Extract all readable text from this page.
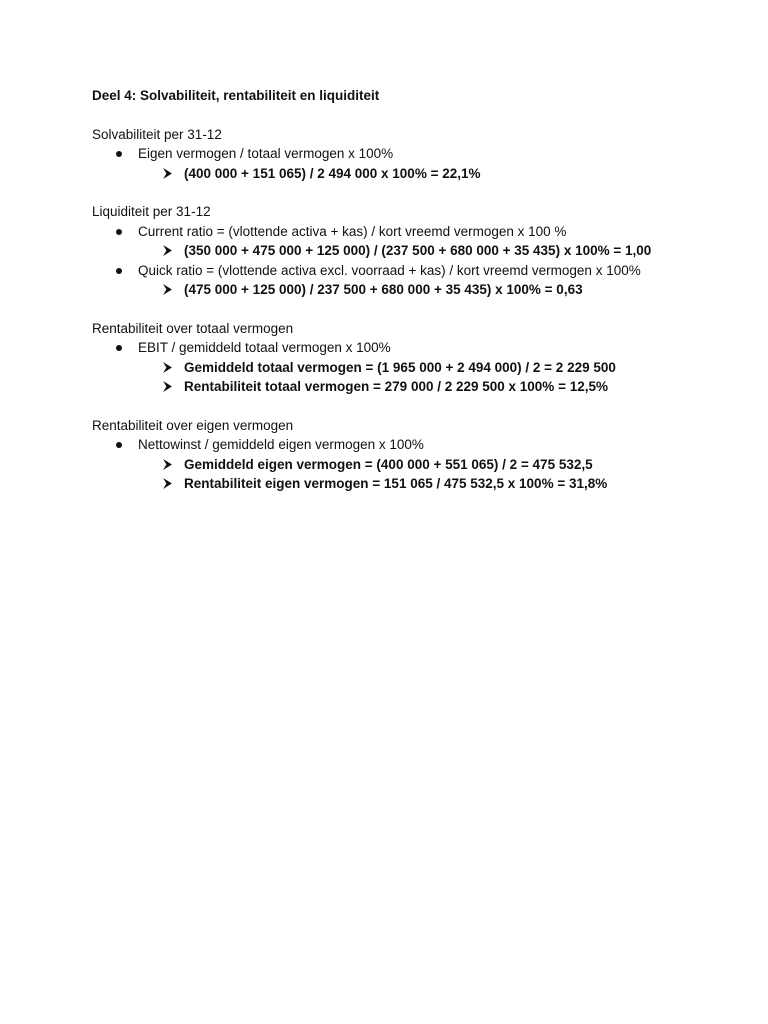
Deel 4: Solvabiliteit, rentabiliteit en liquiditeit
Solvabiliteit per 31-12
Eigen vermogen / totaal vermogen x 100%
(400 000 + 151 065) / 2 494 000 x 100% = 22,1%
Liquiditeit per 31-12
Current ratio = (vlottende activa + kas) / kort vreemd vermogen x 100 %
(350 000 + 475 000 + 125 000) / (237 500 + 680 000 + 35 435) x 100% = 1,00
Quick ratio = (vlottende activa excl. voorraad + kas) / kort vreemd vermogen x 100%
(475 000 + 125 000) / 237 500 + 680 000 + 35 435) x 100% = 0,63
Rentabiliteit over totaal vermogen
EBIT / gemiddeld totaal vermogen x 100%
Gemiddeld totaal vermogen = (1 965 000 + 2 494 000) / 2 = 2 229 500
Rentabiliteit totaal vermogen = 279 000 / 2 229 500 x 100% = 12,5%
Rentabiliteit over eigen vermogen
Nettowinst / gemiddeld eigen vermogen x 100%
Gemiddeld eigen vermogen = (400 000 + 551 065) / 2 = 475 532,5
Rentabiliteit eigen vermogen = 151 065 / 475 532,5 x 100% = 31,8%
